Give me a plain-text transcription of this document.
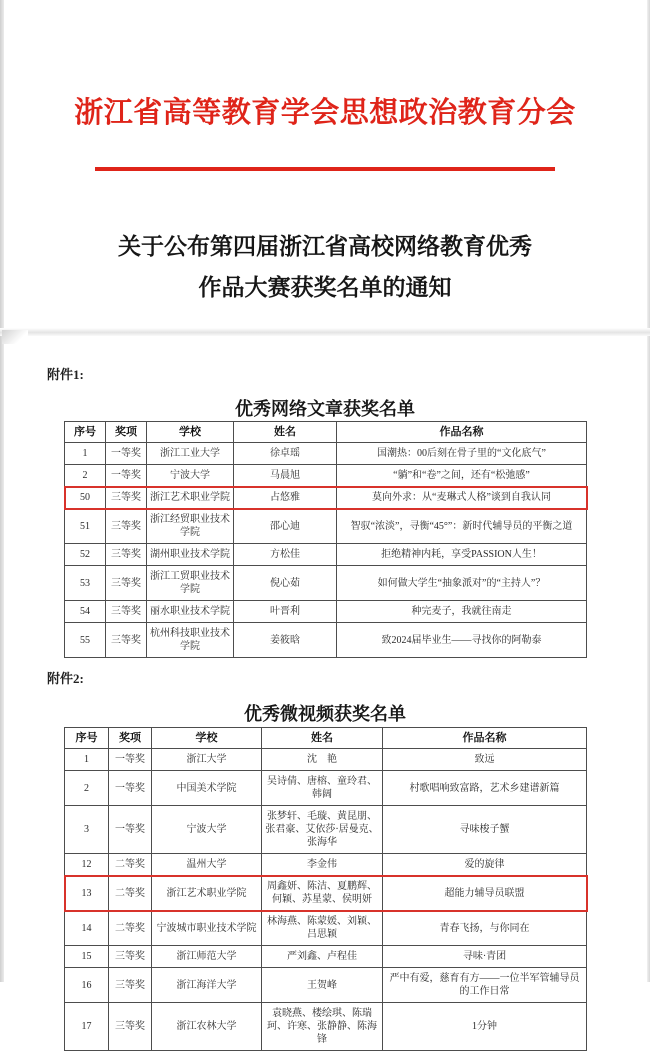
浙江省高等教育学会思想政治教育分会
关于公布第四届浙江省高校网络教育优秀
作品大赛获奖名单的通知
附件1:
优秀网络文章获奖名单
序号	奖项	学校	姓名	作品名称
1	一等奖	浙江工业大学	徐卓瑶	国潮热：00后刻在骨子里的“文化底气”
2	一等奖	宁波大学	马晨旭	“躺”和“卷”之间，还有“松弛感”
50	三等奖	浙江艺术职业学院	占悠雅	莫向外求：从“麦琳式人格”谈到自我认同
51	三等奖	浙江经贸职业技术学院	邵心迪	智驭“浓淡”，寻衡“45°”：新时代辅导员的平衡之道
52	三等奖	湖州职业技术学院	方松佳	拒绝精神内耗，享受PASSION人生！
53	三等奖	浙江工贸职业技术学院	倪心茹	如何做大学生“抽象派对”的“主持人”？
54	三等奖	丽水职业技术学院	叶晋利	种完麦子，我就往南走
55	三等奖	杭州科技职业技术学院	姜筱晗	致2024届毕业生——寻找你的阿勒泰
附件2:
优秀微视频获奖名单
序号	奖项	学校	姓名	作品名称
1	一等奖	浙江大学	沈　艳	致远
2	一等奖	中国美术学院	吴诗倩、唐榕、童玲君、韩阔	村歌唱响致富路，艺术乡建谱新篇
3	一等奖	宁波大学	张梦轩、毛璇、黄昆朋、张君豪、艾依莎·居曼克、张海华	寻味梭子蟹
12	二等奖	温州大学	李金伟	爱的旋律
13	二等奖	浙江艺术职业学院	周鑫妍、陈洁、夏鹏辉、何颖、苏星蒙、侯明妍	超能力辅导员联盟
14	二等奖	宁波城市职业技术学院	林海燕、陈蒙媛、刘颖、吕思颖	青春飞扬，与你同在
15	三等奖	浙江师范大学	严刘鑫、卢程佳	寻味·青团
16	三等奖	浙江海洋大学	王贺峰	严中有爱，慈育有方——一位半军管辅导员的工作日常
17	三等奖	浙江农林大学	袁晓燕、楼绘琪、陈瑞珂、许寒、张静静、陈海锋	1分钟
